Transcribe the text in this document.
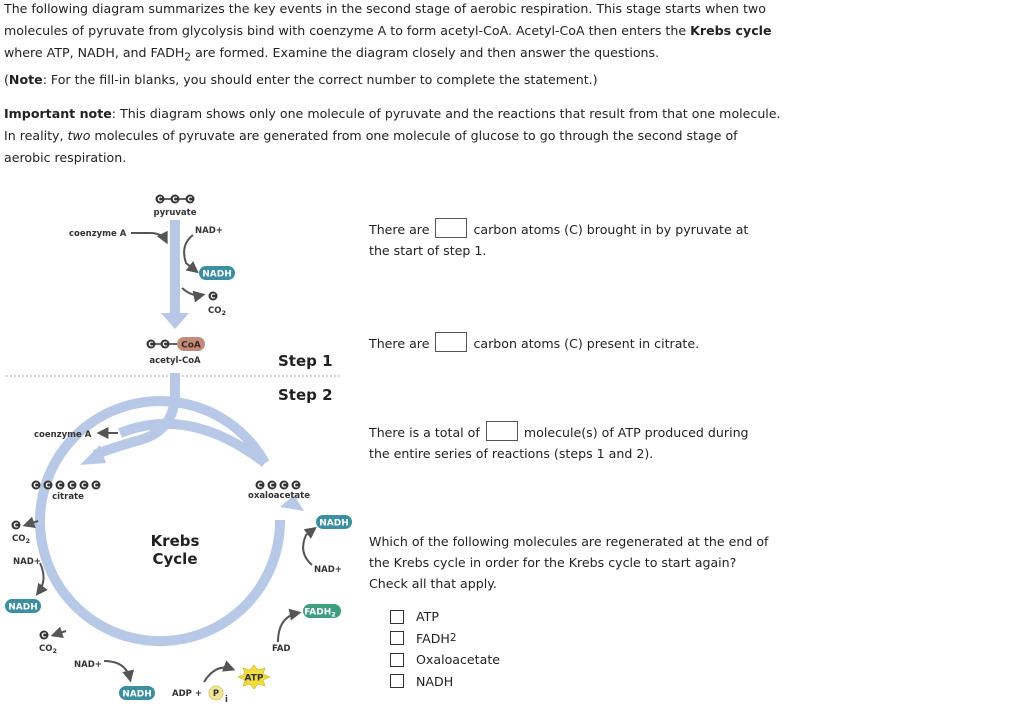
The following diagram summarizes the key events in the second stage of aerobic respiration. This stage starts when two molecules of pyruvate from glycolysis bind with coenzyme A to form acetyl-CoA. Acetyl-CoA then enters the Krebs cycle where ATP, NADH, and $FADH_2$ are formed. Examine the diagram closely and then answer the questions.

(Note: For the fill-in blanks, you should enter the correct number to complete the statement.)

Important note: This diagram shows only one molecule of pyruvate and the reactions that result from that one molecule. In reality, two molecules of pyruvate are generated from one molecule of glucose to go through the second stage of aerobic respiration.

C C C
pyruvate
coenzyme A	NAD+
NADH
C
$CO_2$
C C CoA
acetyl-CoA	Step 1
Step 2
coenzyme A
C C C C C C
citrate
C C C C
oxaloacetate
Krebs
Cycle
C
$CO_2$
NAD+
NADH
C
$CO_2$
NAD+
NADH ADP + P
i
ATP
FAD
$FADH_2$
NAD+
NADH
There are	carbon atoms (C) brought in by pyruvate at the start of step 1.
There are	carbon atoms (C) present in citrate.
There is a total of	molecule(s) of ATP produced during the entire series of reactions (steps 1 and 2).
Which of the following molecules are regenerated at the end of the Krebs cycle in order for the Krebs cycle to start again? Check all that apply.
ATP
FADH 2
Oxaloacetate
NADH
